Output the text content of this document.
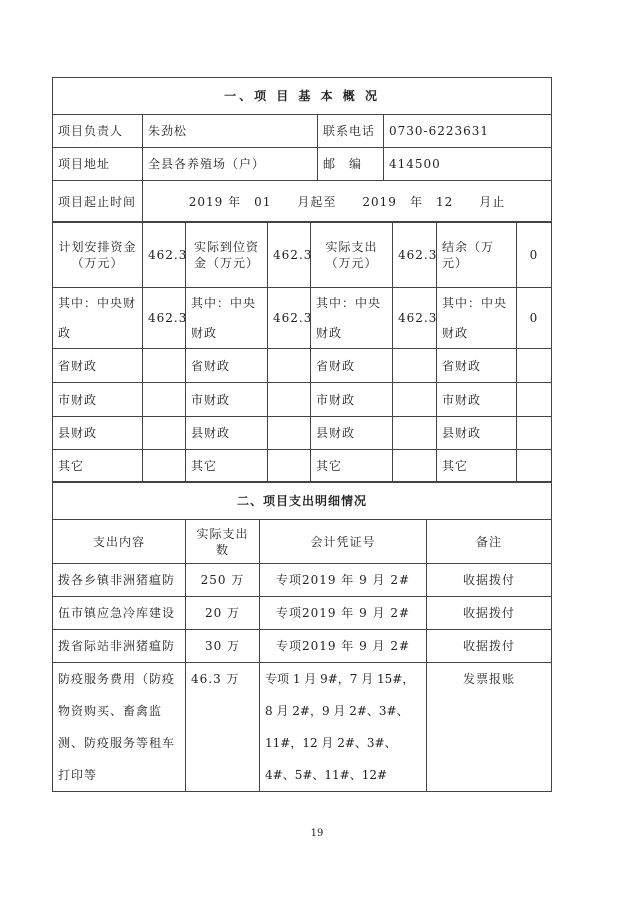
一、项 目 基 本 概 况			
项目负责人	朱劲松	联系电话	0730-6223631
项目地址	全县各养殖场（户）	邮　编	414500
项目起止时间	2019 年　01　　月起至　　2019　年　12　　月止		
计划安排资金（万元）	462.3	实际到位资金（万元）	462.3	实际支出（万元）	462.3	结余（万元）	0
其中：中央财政	462.3	其中：中央财政	462.3	其中：中央财政	462.3	其中：中央财政	0
省财政		省财政		省财政		省财政	
市财政		市财政		市财政		市财政	
县财政		县财政		县财政		县财政	
其它		其它		其它		其它	
二、项目支出明细情况			
支出内容	实际支出数	会计凭证号	备注
拨各乡镇非洲猪瘟防	250 万	专项2019 年 9 月 2#	收据拨付
伍市镇应急冷库建设	20 万	专项2019 年 9 月 2#	收据拨付
拨省际站非洲猪瘟防	30 万	专项2019 年 9 月 2#	收据拨付
防疫服务费用（防疫物资购买、畜禽监测、防疫服务等租车打印等	46.3 万	专项 1 月 9#，7 月 15#，8 月 2#，9 月 2#、3#、11#，12 月 2#、3#、4#、5#、11#、12#	发票报账
19
